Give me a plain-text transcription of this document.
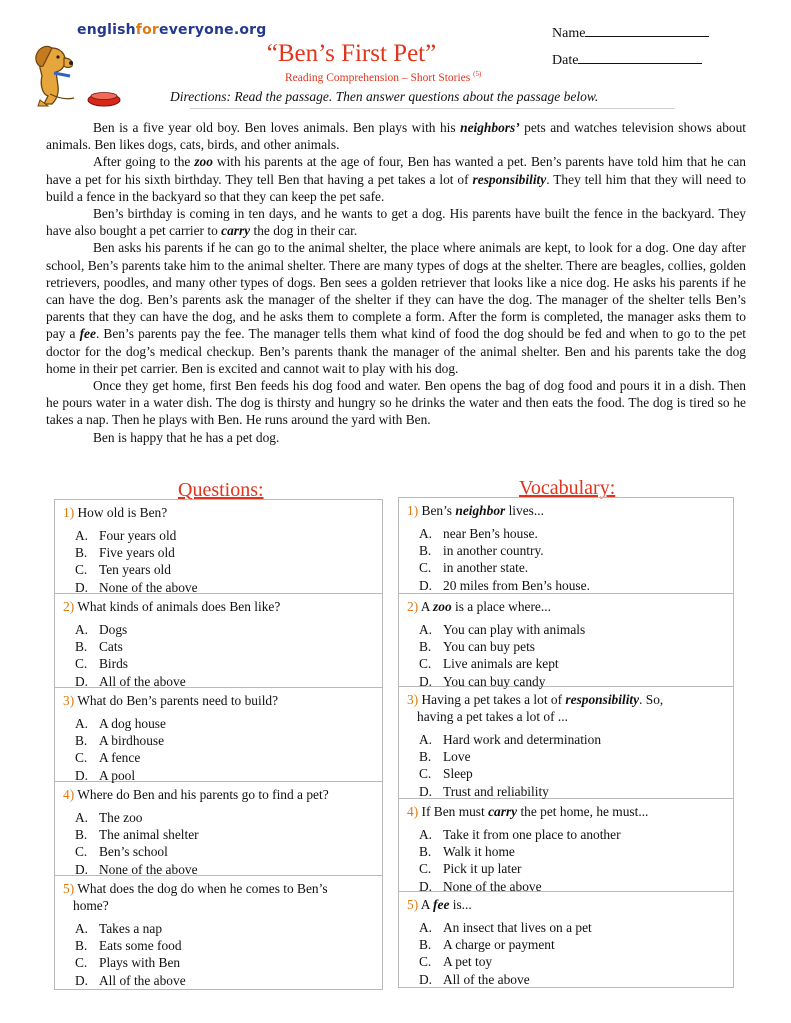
englishforeveryone.org
“Ben’s First Pet”
Reading Comprehension – Short Stories $^{(5)}$
Name
Date
Directions: Read the passage. Then answer questions about the passage below.

Ben is a five year old boy. Ben loves animals. Ben plays with his neighbors’ pets and watches television shows about animals. Ben likes dogs, cats, birds, and other animals.

After going to the zoo with his parents at the age of four, Ben has wanted a pet. Ben’s parents have told him that he can have a pet for his sixth birthday. They tell Ben that having a pet takes a lot of responsibility. They tell him that they will need to build a fence in the backyard so that they can keep the pet safe.

Ben’s birthday is coming in ten days, and he wants to get a dog. His parents have built the fence in the backyard. They have also bought a pet carrier to carry the dog in their car.

Ben asks his parents if he can go to the animal shelter, the place where animals are kept, to look for a dog. One day after school, Ben’s parents take him to the animal shelter. There are many types of dogs at the shelter. There are beagles, collies, golden retrievers, poodles, and many other types of dogs. Ben sees a golden retriever that looks like a nice dog. He asks his parents if he can have the dog. Ben’s parents ask the manager of the shelter if they can have the dog. The manager of the shelter tells Ben’s parents that they can have the dog, and he asks them to complete a form. After the form is completed, the manager asks them to pay a fee. Ben’s parents pay the fee. The manager tells them what kind of food the dog should be fed and when to go to the pet doctor for the dog’s medical checkup. Ben’s parents thank the manager of the animal shelter. Ben and his parents take the dog home in their pet carrier. Ben is excited and cannot wait to play with his dog.

Once they get home, first Ben feeds his dog food and water. Ben opens the bag of dog food and pours it in a dish. Then he pours water in a water dish. The dog is thirsty and hungry so he drinks the water and then eats the food. The dog is tired so he takes a nap. Then he plays with Ben. He runs around the yard with Ben.

Ben is happy that he has a pet dog.

Questions:	Vocabulary:
1) How old is Ben?
A. Four years old
B. Five years old
C. Ten years old
D. None of the above
2) What kinds of animals does Ben like?
A. Dogs
B. Cats
C. Birds
D. All of the above
3) What do Ben’s parents need to build?
A. A dog house
B. A birdhouse
C. A fence
D. A pool
4) Where do Ben and his parents go to find a pet?
A. The zoo
B. The animal shelter
C. Ben’s school
D. None of the above
5) What does the dog do when he comes to Ben’s
home?
A. Takes a nap
B. Eats some food
C. Plays with Ben
D. All of the above
1) Ben’s neighbor lives...
A. near Ben’s house.
B. in another country.
C. in another state.
D. 20 miles from Ben’s house.
2) A zoo is a place where...
A. You can play with animals
B. You can buy pets
C. Live animals are kept
D. You can buy candy
3) Having a pet takes a lot of responsibility. So,
having a pet takes a lot of ...
A. Hard work and determination
B. Love
C. Sleep
D. Trust and reliability
4) If Ben must carry the pet home, he must...
A. Take it from one place to another
B. Walk it home
C. Pick it up later
D. None of the above
5) A fee is...
A. An insect that lives on a pet
B. A charge or payment
C. A pet toy
D. All of the above
